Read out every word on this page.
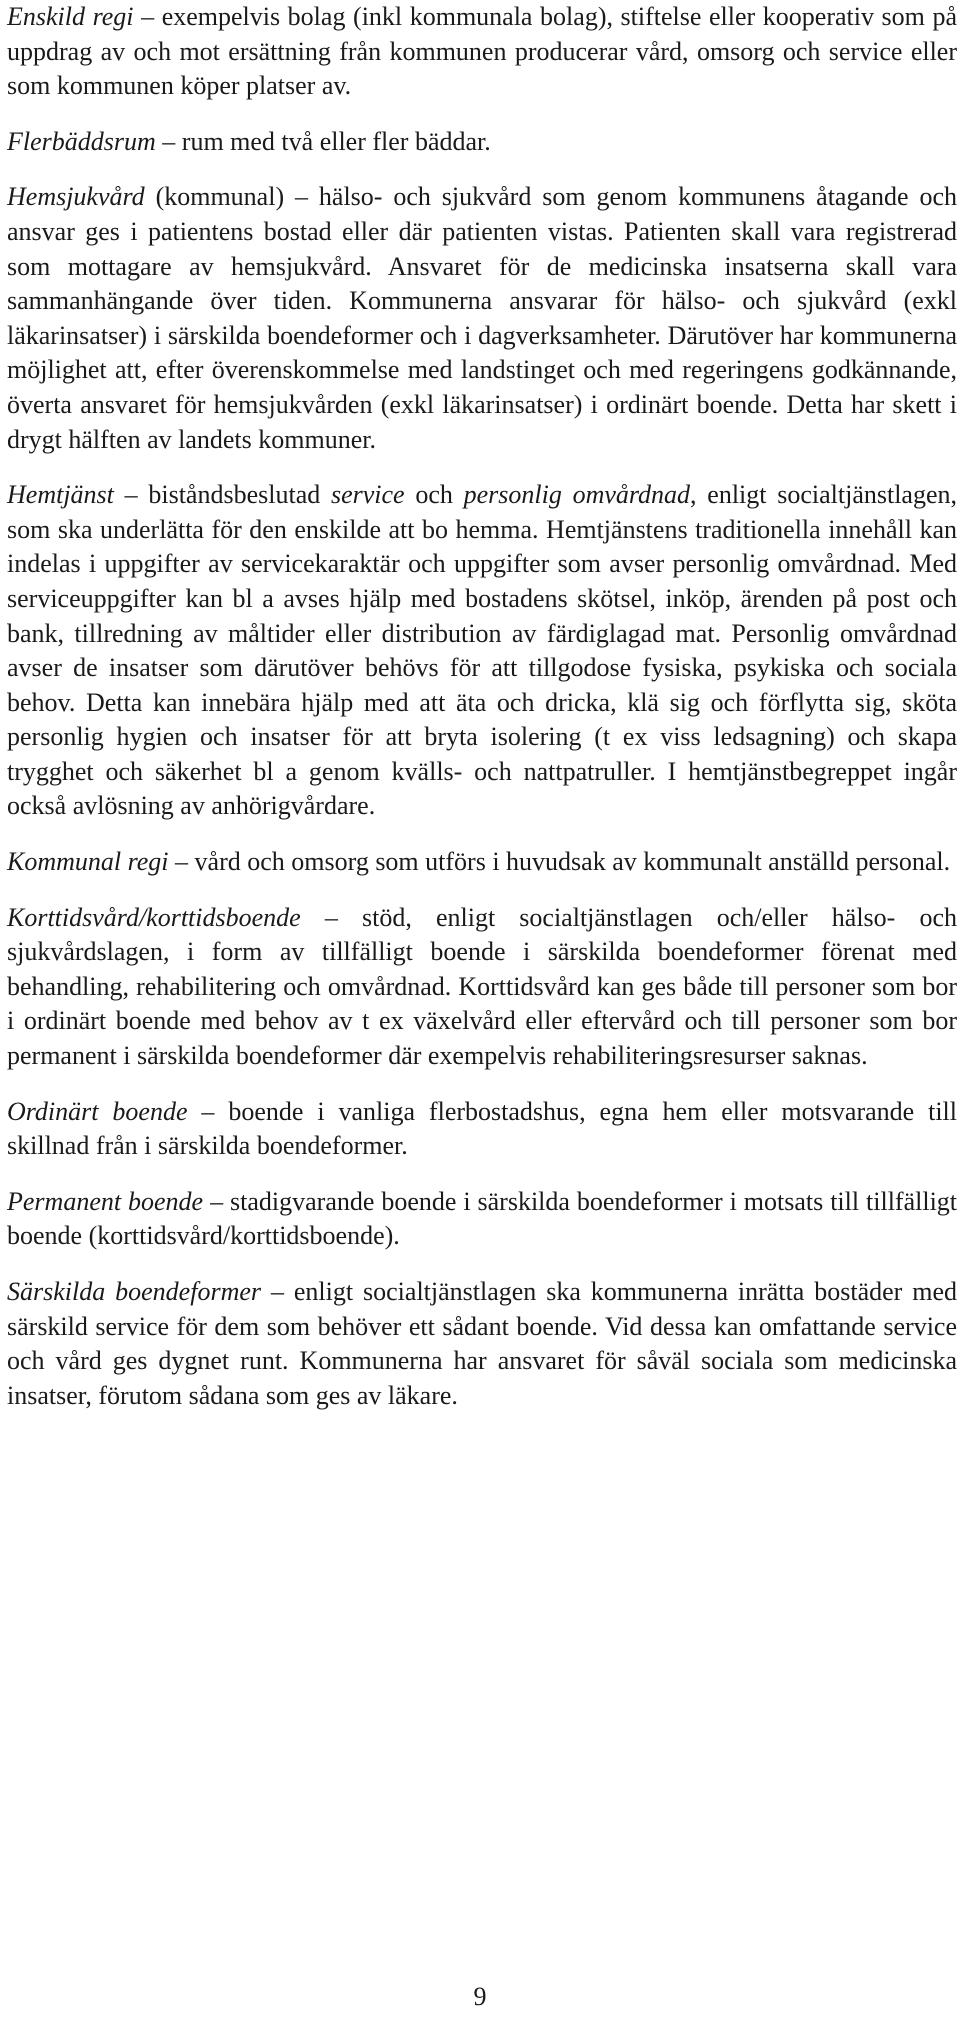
Enskild regi – exempelvis bolag (inkl kommunala bolag), stiftelse eller kooperativ som på uppdrag av och mot ersättning från kommunen producerar vård, omsorg och service eller som kommunen köper platser av.

Flerbäddsrum – rum med två eller fler bäddar.

Hemsjukvård (kommunal) – hälso- och sjukvård som genom kommunens åtagande och ansvar ges i patientens bostad eller där patienten vistas. Patienten skall vara registrerad som mottagare av hemsjukvård. Ansvaret för de medicinska insatserna skall vara sammanhängande över tiden. Kommunerna ansvarar för hälso- och sjukvård (exkl läkarinsatser) i särskilda boendeformer och i dagverksamheter. Därutöver har kommunerna möjlighet att, efter överenskommelse med landstinget och med regeringens godkännande, överta ansvaret för hemsjukvården (exkl läkarinsatser) i ordinärt boende. Detta har skett i drygt hälften av landets kommuner.

Hemtjänst – biståndsbeslutad service och personlig omvårdnad, enligt socialtjänstlagen, som ska underlätta för den enskilde att bo hemma. Hemtjänstens traditionella innehåll kan indelas i uppgifter av servicekaraktär och uppgifter som avser personlig omvårdnad. Med serviceuppgifter kan bl a avses hjälp med bostadens skötsel, inköp, ärenden på post och bank, tillredning av måltider eller distribution av färdiglagad mat. Personlig omvårdnad avser de insatser som därutöver behövs för att tillgodose fysiska, psykiska och sociala behov. Detta kan innebära hjälp med att äta och dricka, klä sig och förflytta sig, sköta personlig hygien och insatser för att bryta isolering (t ex viss ledsagning) och skapa trygghet och säkerhet bl a genom kvälls- och nattpatruller. I hemtjänstbegreppet ingår också avlösning av anhörigvårdare.

Kommunal regi – vård och omsorg som utförs i huvudsak av kommunalt anställd personal.

Korttidsvård/korttidsboende – stöd, enligt socialtjänstlagen och/eller hälso- och sjukvårdslagen, i form av tillfälligt boende i särskilda boendeformer förenat med behandling, rehabilitering och omvårdnad. Korttidsvård kan ges både till personer som bor i ordinärt boende med behov av t ex växelvård eller eftervård och till personer som bor permanent i särskilda boendeformer där exempelvis rehabiliteringsresurser saknas.

Ordinärt boende – boende i vanliga flerbostadshus, egna hem eller motsvarande till skillnad från i särskilda boendeformer.

Permanent boende – stadigvarande boende i särskilda boendeformer i motsats till tillfälligt boende (korttidsvård/korttidsboende).

Särskilda boendeformer – enligt socialtjänstlagen ska kommunerna inrätta bostäder med särskild service för dem som behöver ett sådant boende. Vid dessa kan omfattande service och vård ges dygnet runt. Kommunerna har ansvaret för såväl sociala som medicinska insatser, förutom sådana som ges av läkare.

9
